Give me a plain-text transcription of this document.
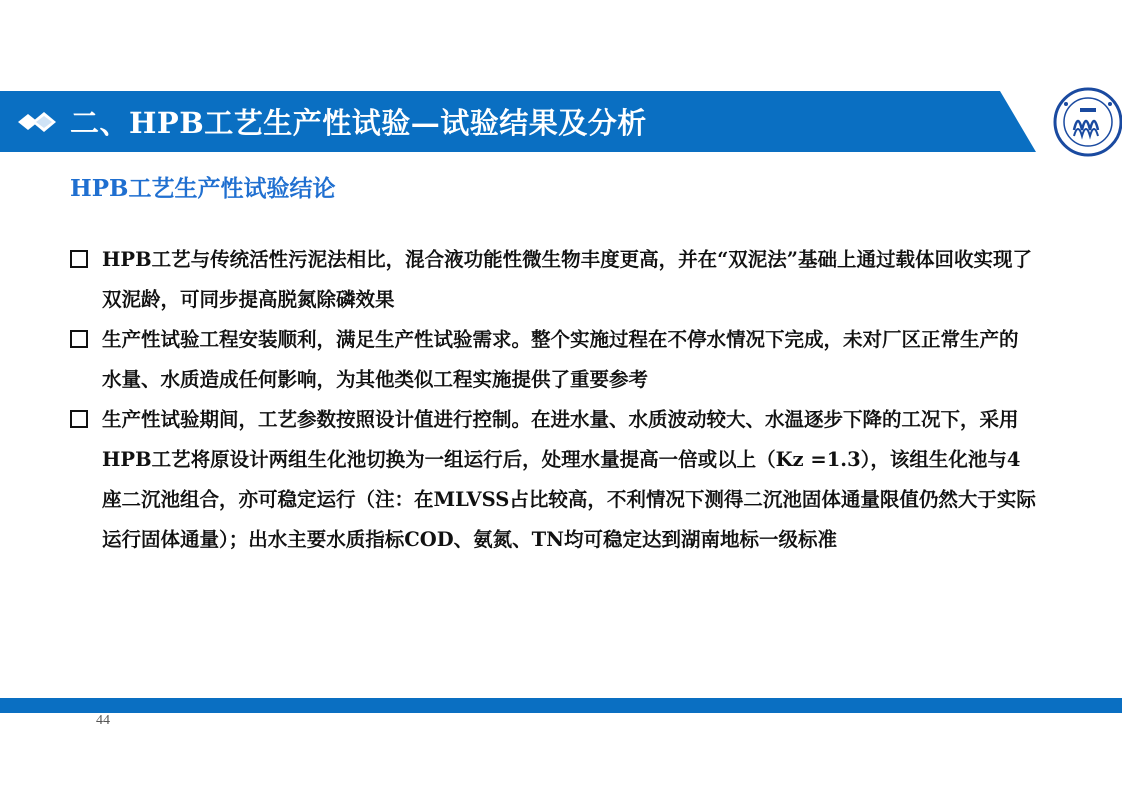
二、HPB工艺生产性试验—试验结果及分析
HPB工艺生产性试验结论
HPB工艺与传统活性污泥法相比，混合液功能性微生物丰度更高，并在“双泥法”基础上通过载体回收实现了双泥龄，可同步提高脱氮除磷效果
生产性试验工程安装顺利，满足生产性试验需求。整个实施过程在不停水情况下完成，未对厂区正常生产的水量、水质造成任何影响，为其他类似工程实施提供了重要参考
生产性试验期间，工艺参数按照设计值进行控制。在进水量、水质波动较大、水温逐步下降的工况下，采用HPB工艺将原设计两组生化池切换为一组运行后，处理水量提高一倍或以上（Kz =1.3），该组生化池与4座二沉池组合，亦可稳定运行（注：在MLVSS占比较高，不利情况下测得二沉池固体通量限值仍然大于实际运行固体通量）；出水主要水质指标COD、氨氮、TN均可稳定达到湖南地标一级标准
44
